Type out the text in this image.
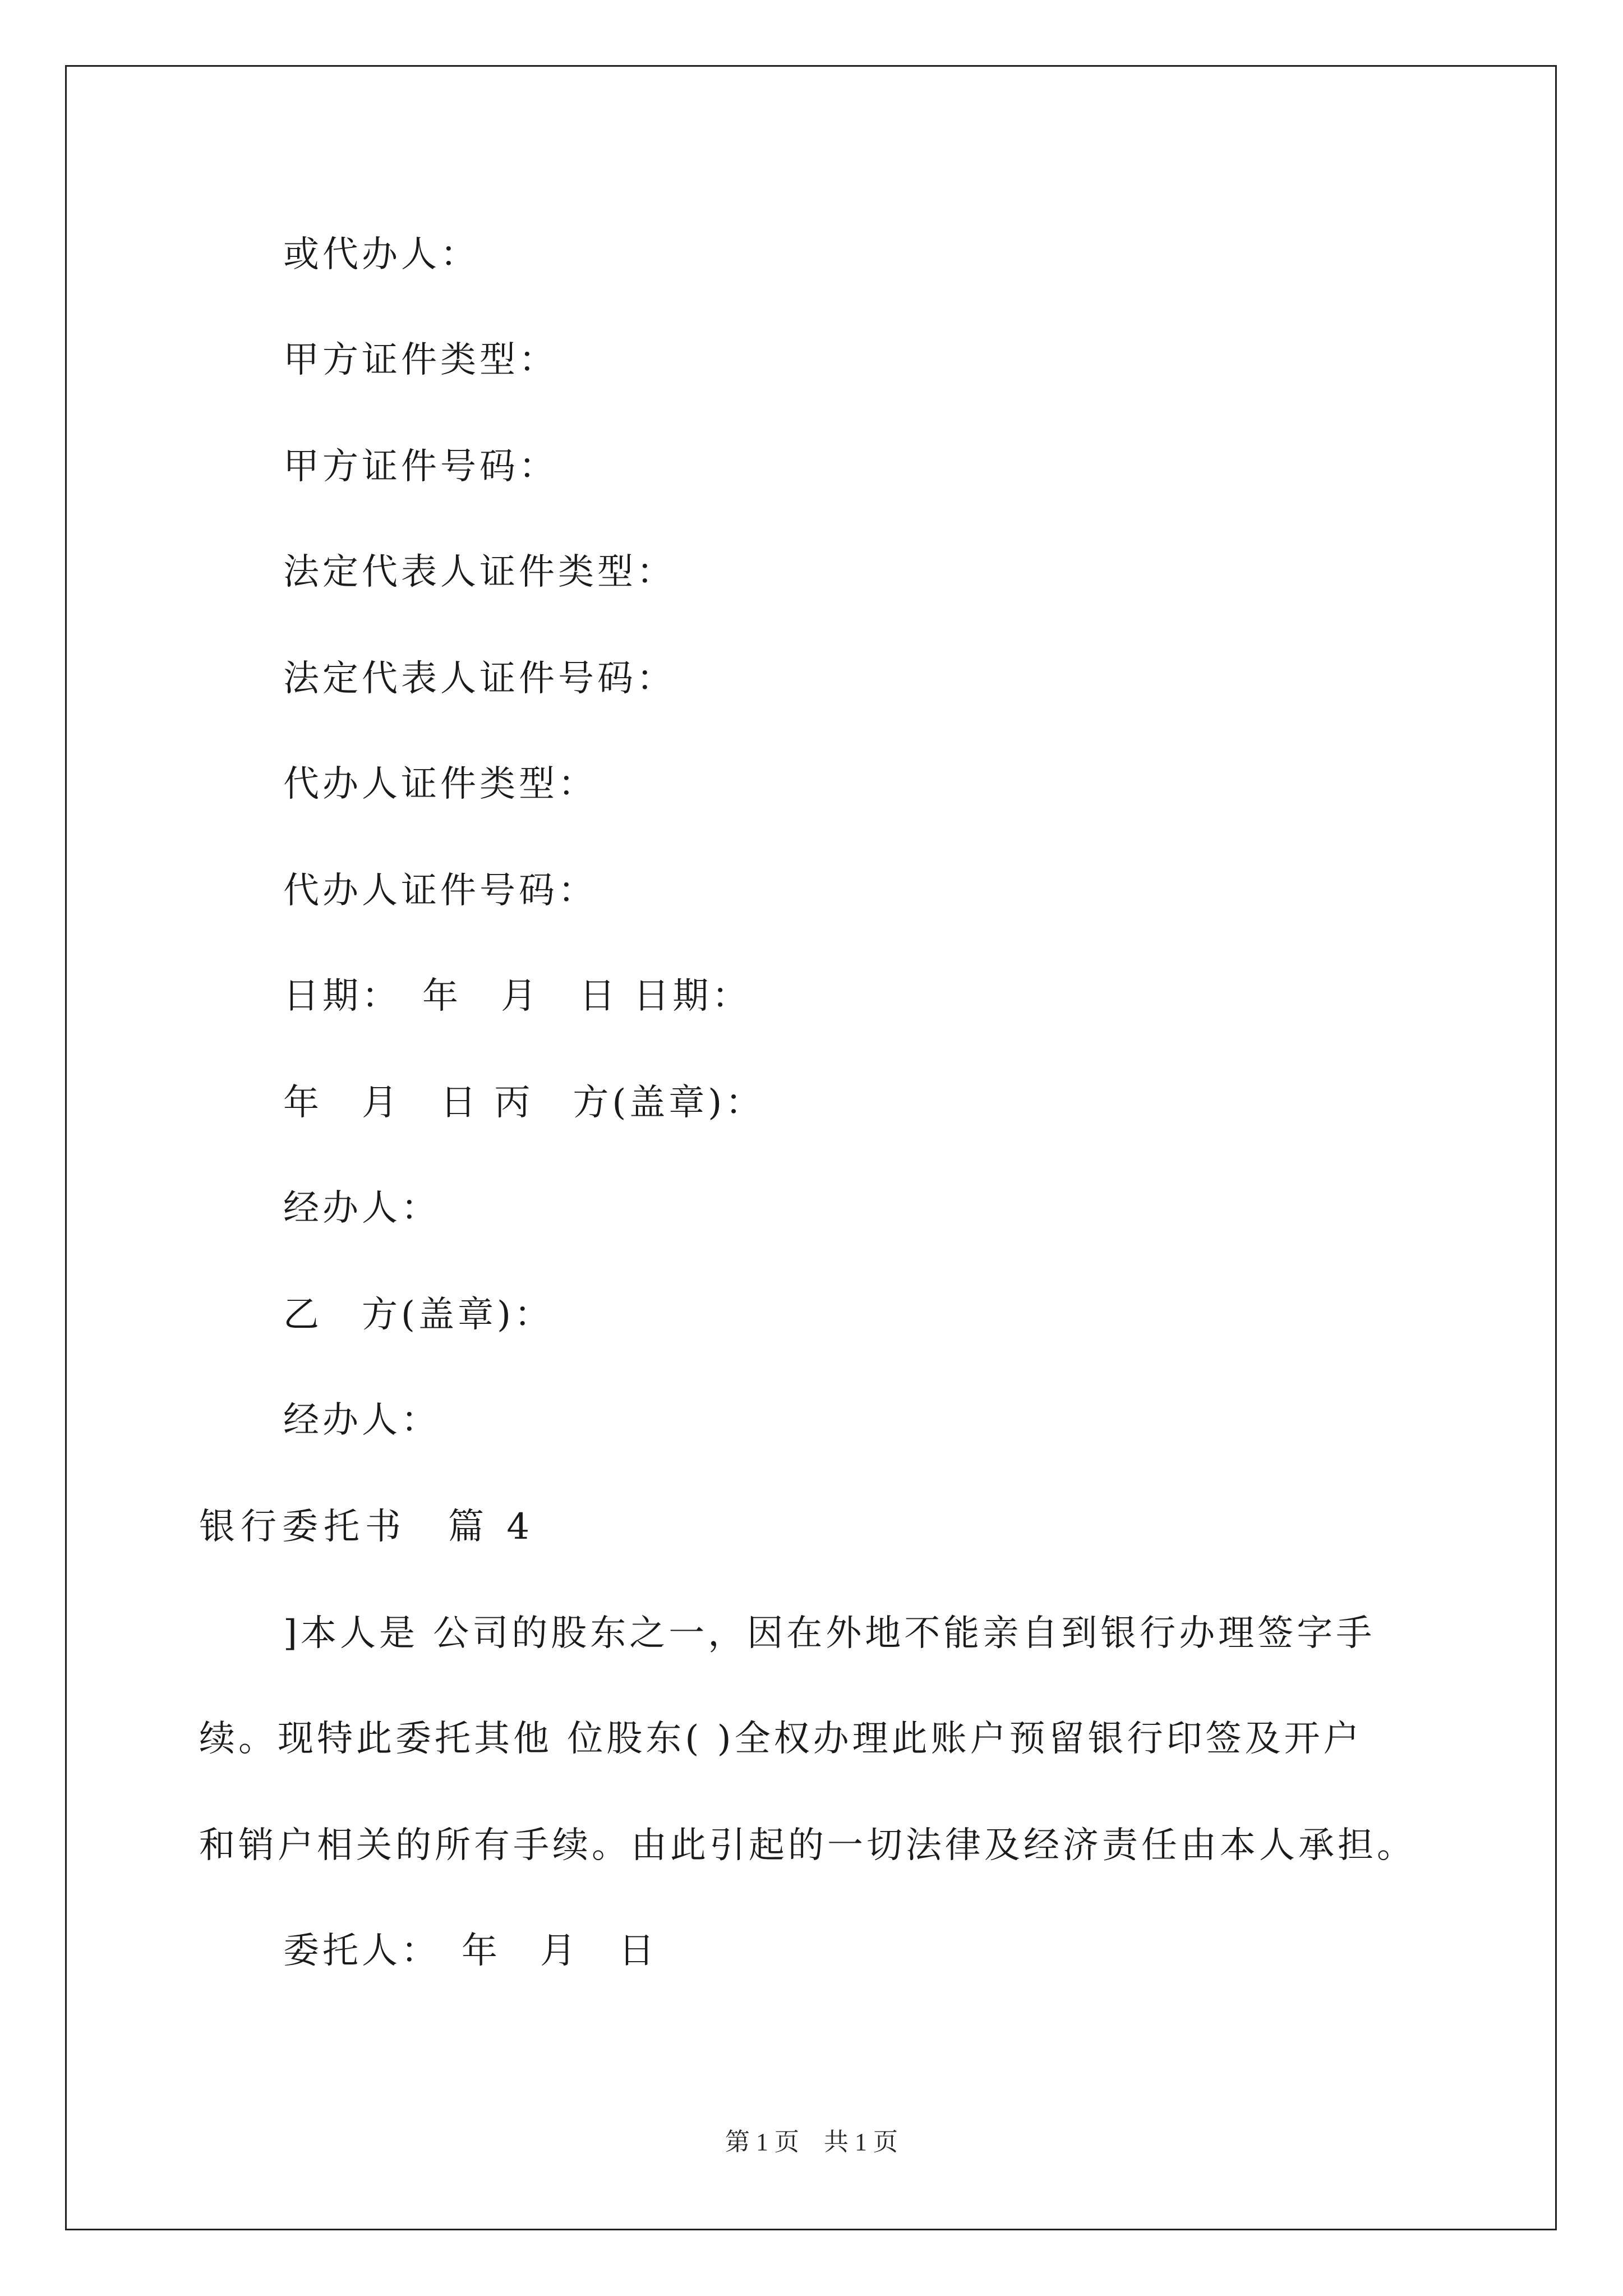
或代办人：
甲方证件类型：
甲方证件号码：
法定代表人证件类型：
法定代表人证件号码：
代办人证件类型：
代办人证件号码：
日期：　年　月　日 日期：
年　月　日 丙　方(盖章)：
经办人：
乙　方(盖章)：
经办人：
银行委托书　篇 4
]本人是 公司的股东之一，因在外地不能亲自到银行办理签字手
续。现特此委托其他 位股东( )全权办理此账户预留银行印签及开户
和销户相关的所有手续。由此引起的一切法律及经济责任由本人承担。
委托人：　年　月　日
第 1 页　共 1 页
